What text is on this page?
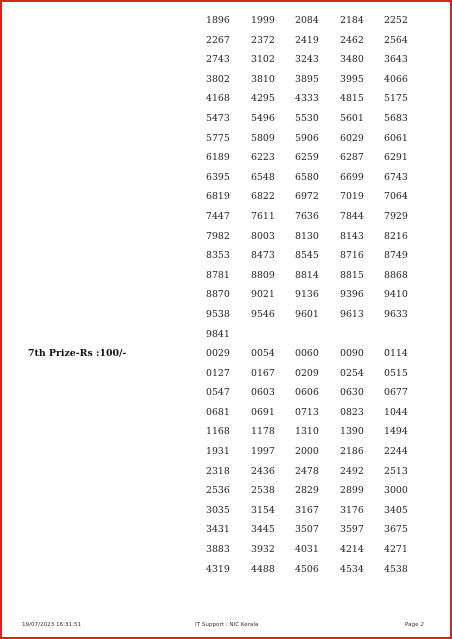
1896 1999 2084 2184 2252
2267 2372 2419 2462 2564
2743 3102 3243 3480 3643
3802 3810 3895 3995 4066
4168 4295 4333 4815 5175
5473 5496 5530 5601 5683
5775 5809 5906 6029 6061
6189 6223 6259 6287 6291
6395 6548 6580 6699 6743
6819 6822 6972 7019 7064
7447 7611 7636 7844 7929
7982 8003 8130 8143 8216
8353 8473 8545 8716 8749
8781 8809 8814 8815 8868
8870 9021 9136 9396 9410
9538 9546 9601 9613 9633
9841
7th Prize-Rs :100/-	0029 0054 0060 0090 0114
0127 0167 0209 0254 0515
0547 0603 0606 0630 0677
0681 0691 0713 0823 1044
1168 1178 1310 1390 1494
1931 1997 2000 2186 2244
2318 2436 2478 2492 2513
2536 2538 2829 2899 3000
3035 3154 3167 3176 3405
3431 3445 3507 3597 3675
3883 3932 4031 4214 4271
4319 4488 4506 4534 4538
19/07/2023 16:31:51	IT Support : NIC Kerala	Page 2
